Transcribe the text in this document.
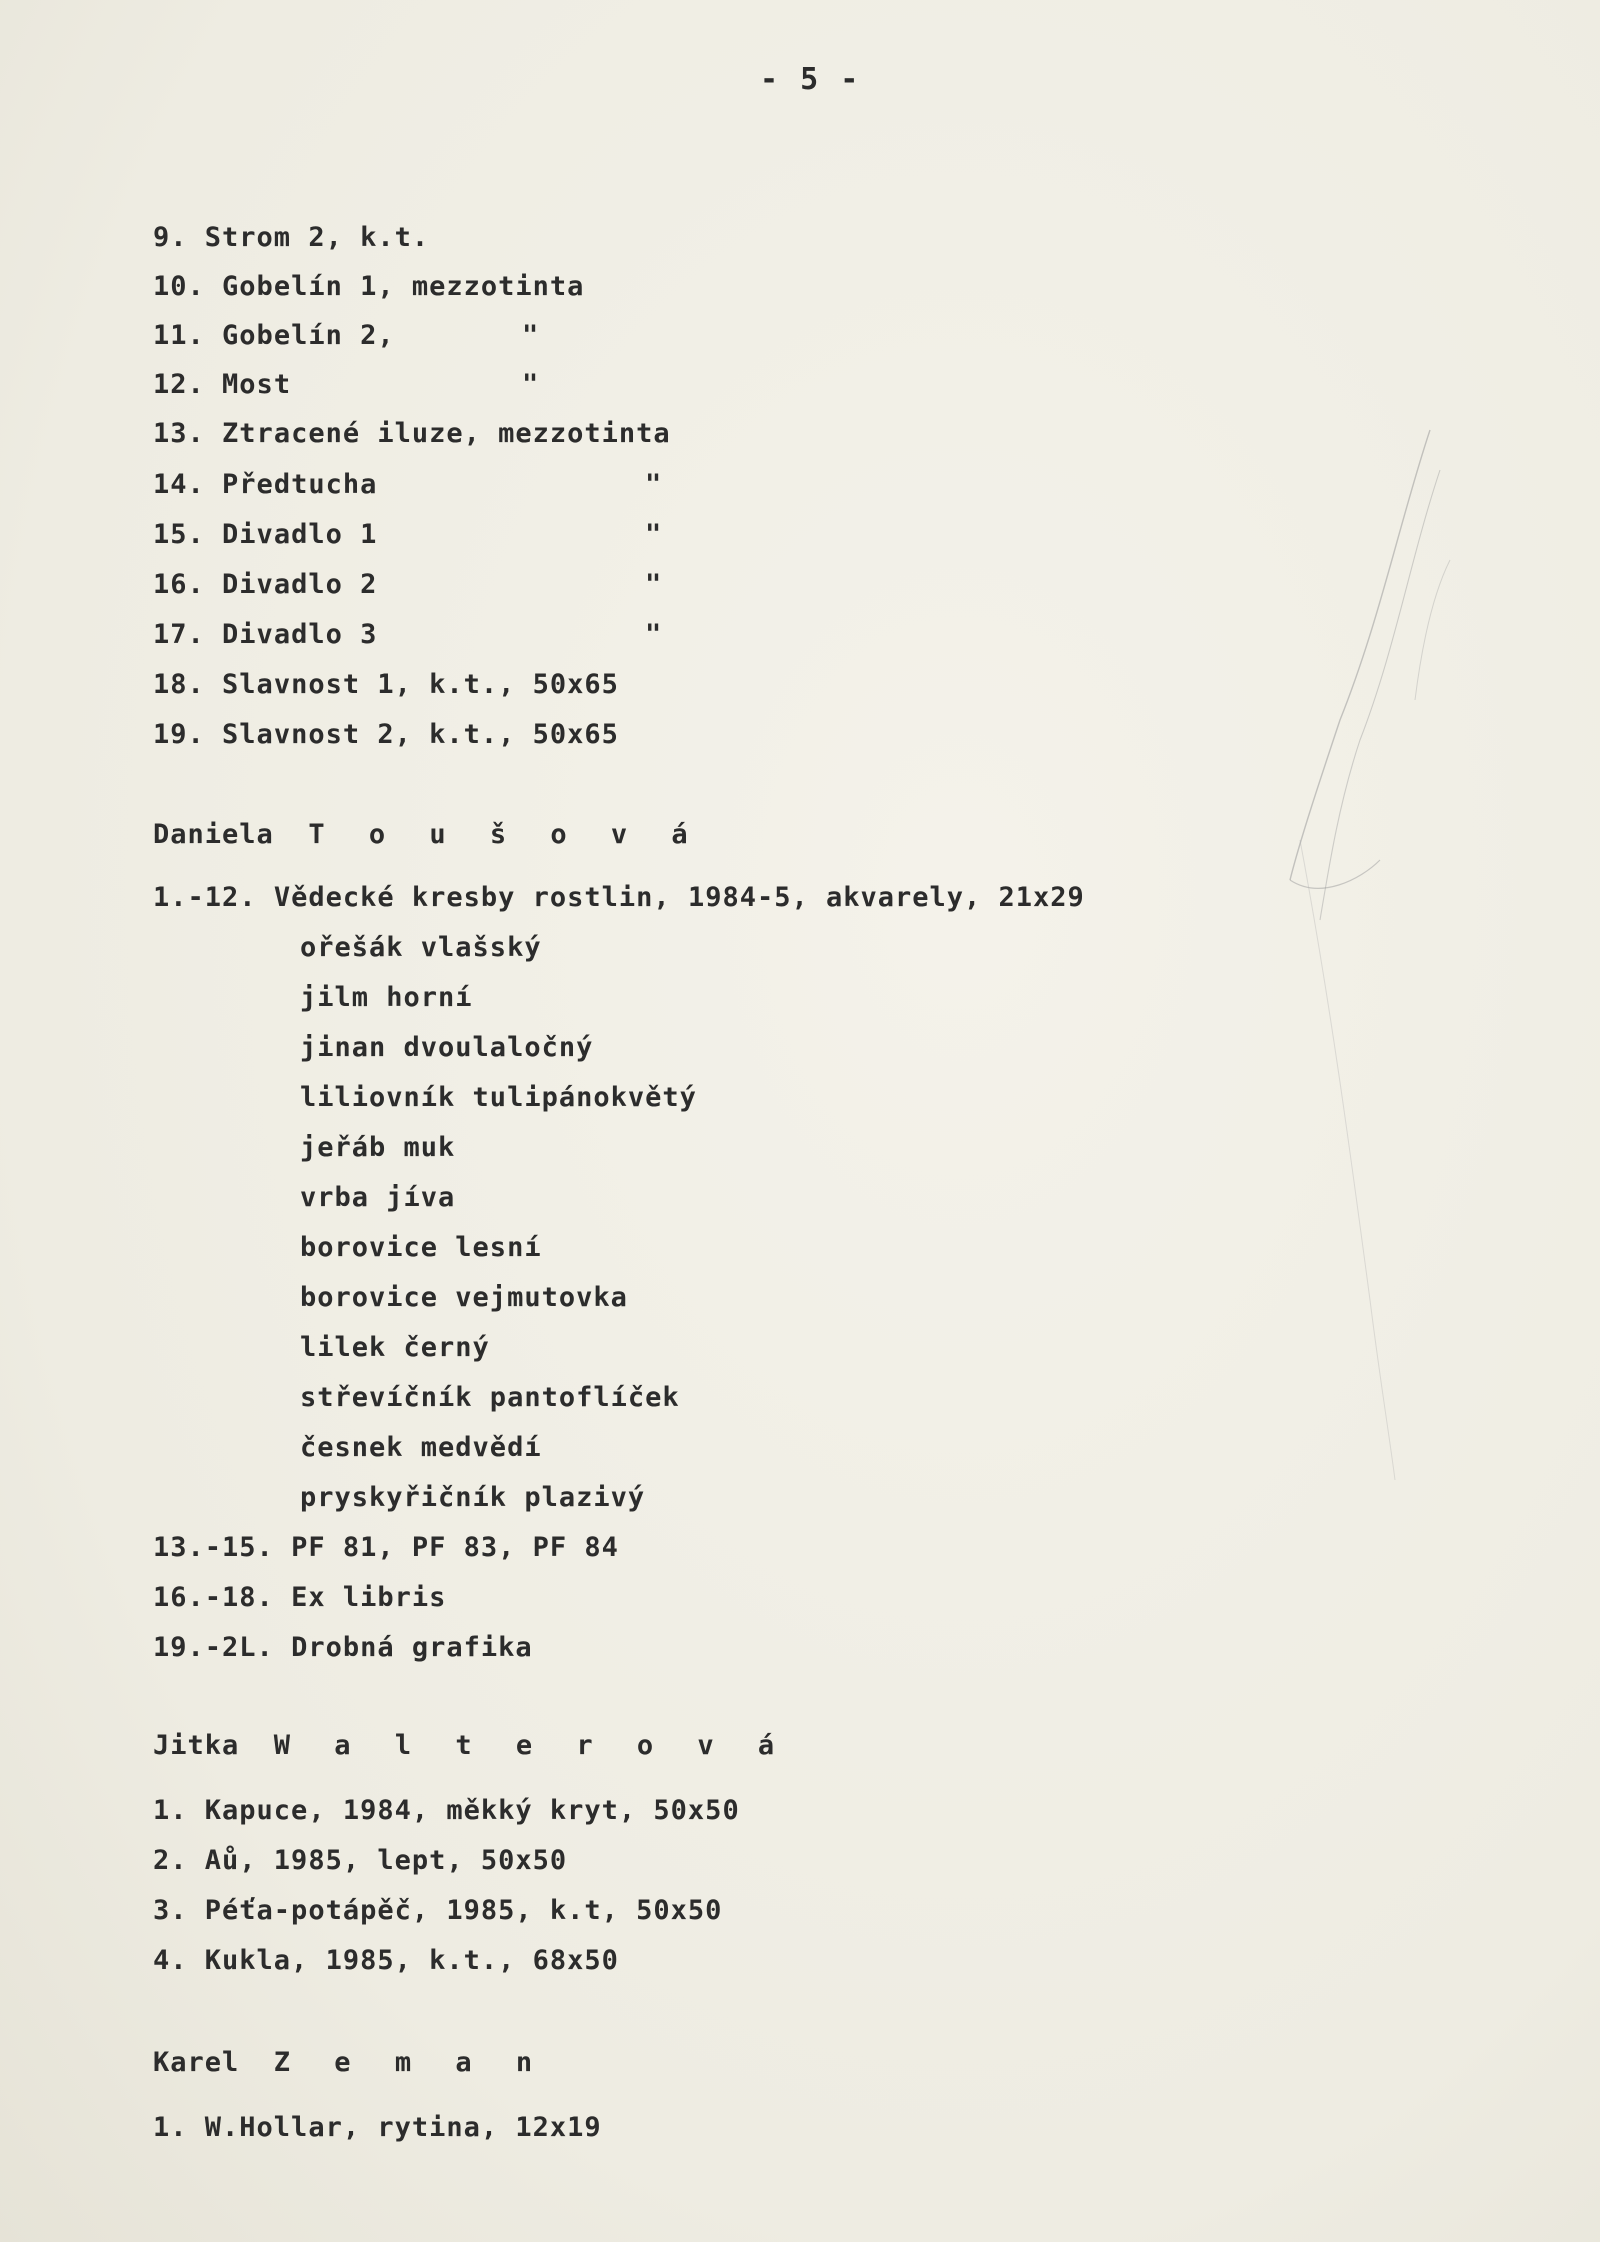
- 5 -
9. Strom 2, k.t.
10. Gobelín 1, mezzotinta
11. Gobelín 2,
12. Most
13. Ztracené iluze, mezzotinta
14. Předtucha
15. Divadlo 1
16. Divadlo 2
17. Divadlo 3
18. Slavnost 1, k.t., 50x65
19. Slavnost 2, k.t., 50x65
"
"
"
"
"
"
Daniela T o u š o v á
1.-12. Vědecké kresby rostlin, 1984-5, akvarely, 21x29
ořešák vlašský
jilm horní
jinan dvoulaločný
liliovník tulipánokvětý
jeřáb muk
vrba jíva
borovice lesní
borovice vejmutovka
lilek černý
střevíčník pantoflíček
česnek medvědí
pryskyřičník plazivý
13.-15. PF 81, PF 83, PF 84
16.-18. Ex libris
19.-2L. Drobná grafika
Jitka W a l t e r o v á
1. Kapuce, 1984, měkký kryt, 50x50
2. Aů, 1985, lept, 50x50
3. Péťa-potápěč, 1985, k.t, 50x50
4. Kukla, 1985, k.t., 68x50
Karel Z e m a n
1. W.Hollar, rytina, 12x19
